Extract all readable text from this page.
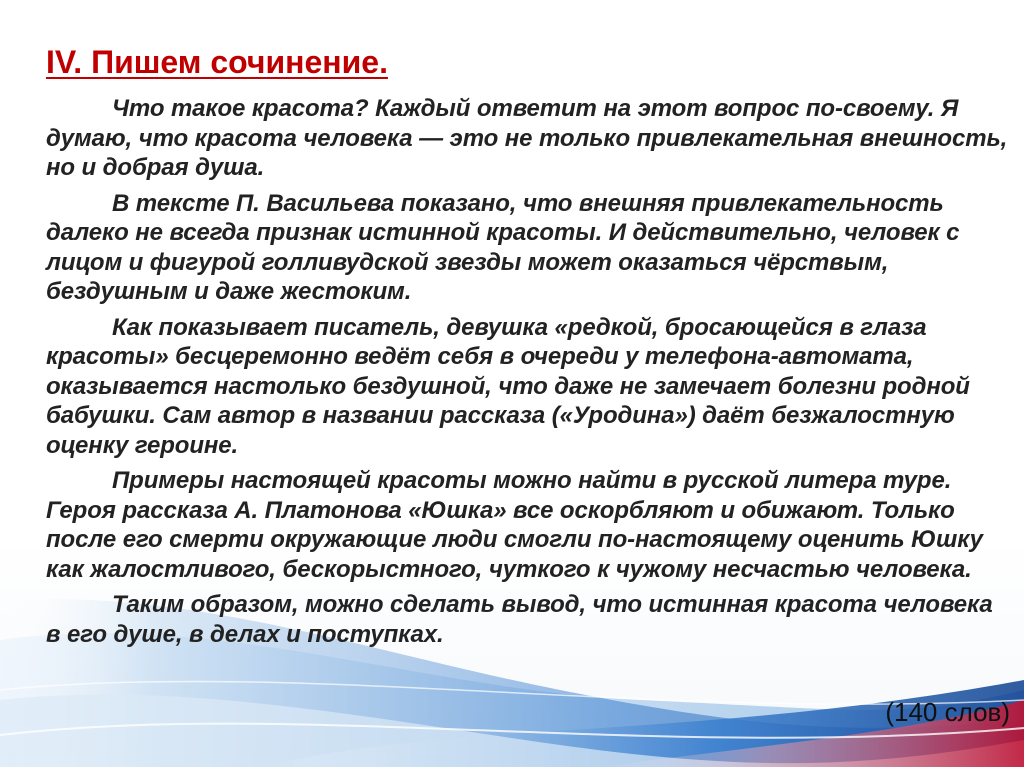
IV. Пишем сочинение.

Что такое красота? Каждый ответит на этот вопрос по-своему. Я думаю, что красота человека — это не только привлекательная внешность, но и добрая душа.

В тексте П. Васильева показано, что внешняя привлекательность далеко не всегда признак истинной красоты. И действительно, человек с лицом и фигурой голливудской звезды может оказаться чёрствым, бездушным и даже жестоким.

Как показывает писатель, девушка «редкой, бросающейся в глаза красоты» бесцеремонно ведёт себя в очереди у телефона-автомата, оказывается настолько бездушной, что даже не замечает болезни родной бабушки. Сам автор в названии рассказа («Уродина») даёт безжалостную оценку героине.

Примеры настоящей красоты можно найти в русской литера туре. Героя рассказа А. Платонова «Юшка» все оскорбляют и обижают. Только после его смерти окружающие люди смогли по-настоящему оценить Юшку как жалостливого, бескорыстного, чуткого к чужому несчастью человека.

Таким образом, можно сделать вывод, что истинная красота человека в его душе, в делах и поступках.

(140 слов)
